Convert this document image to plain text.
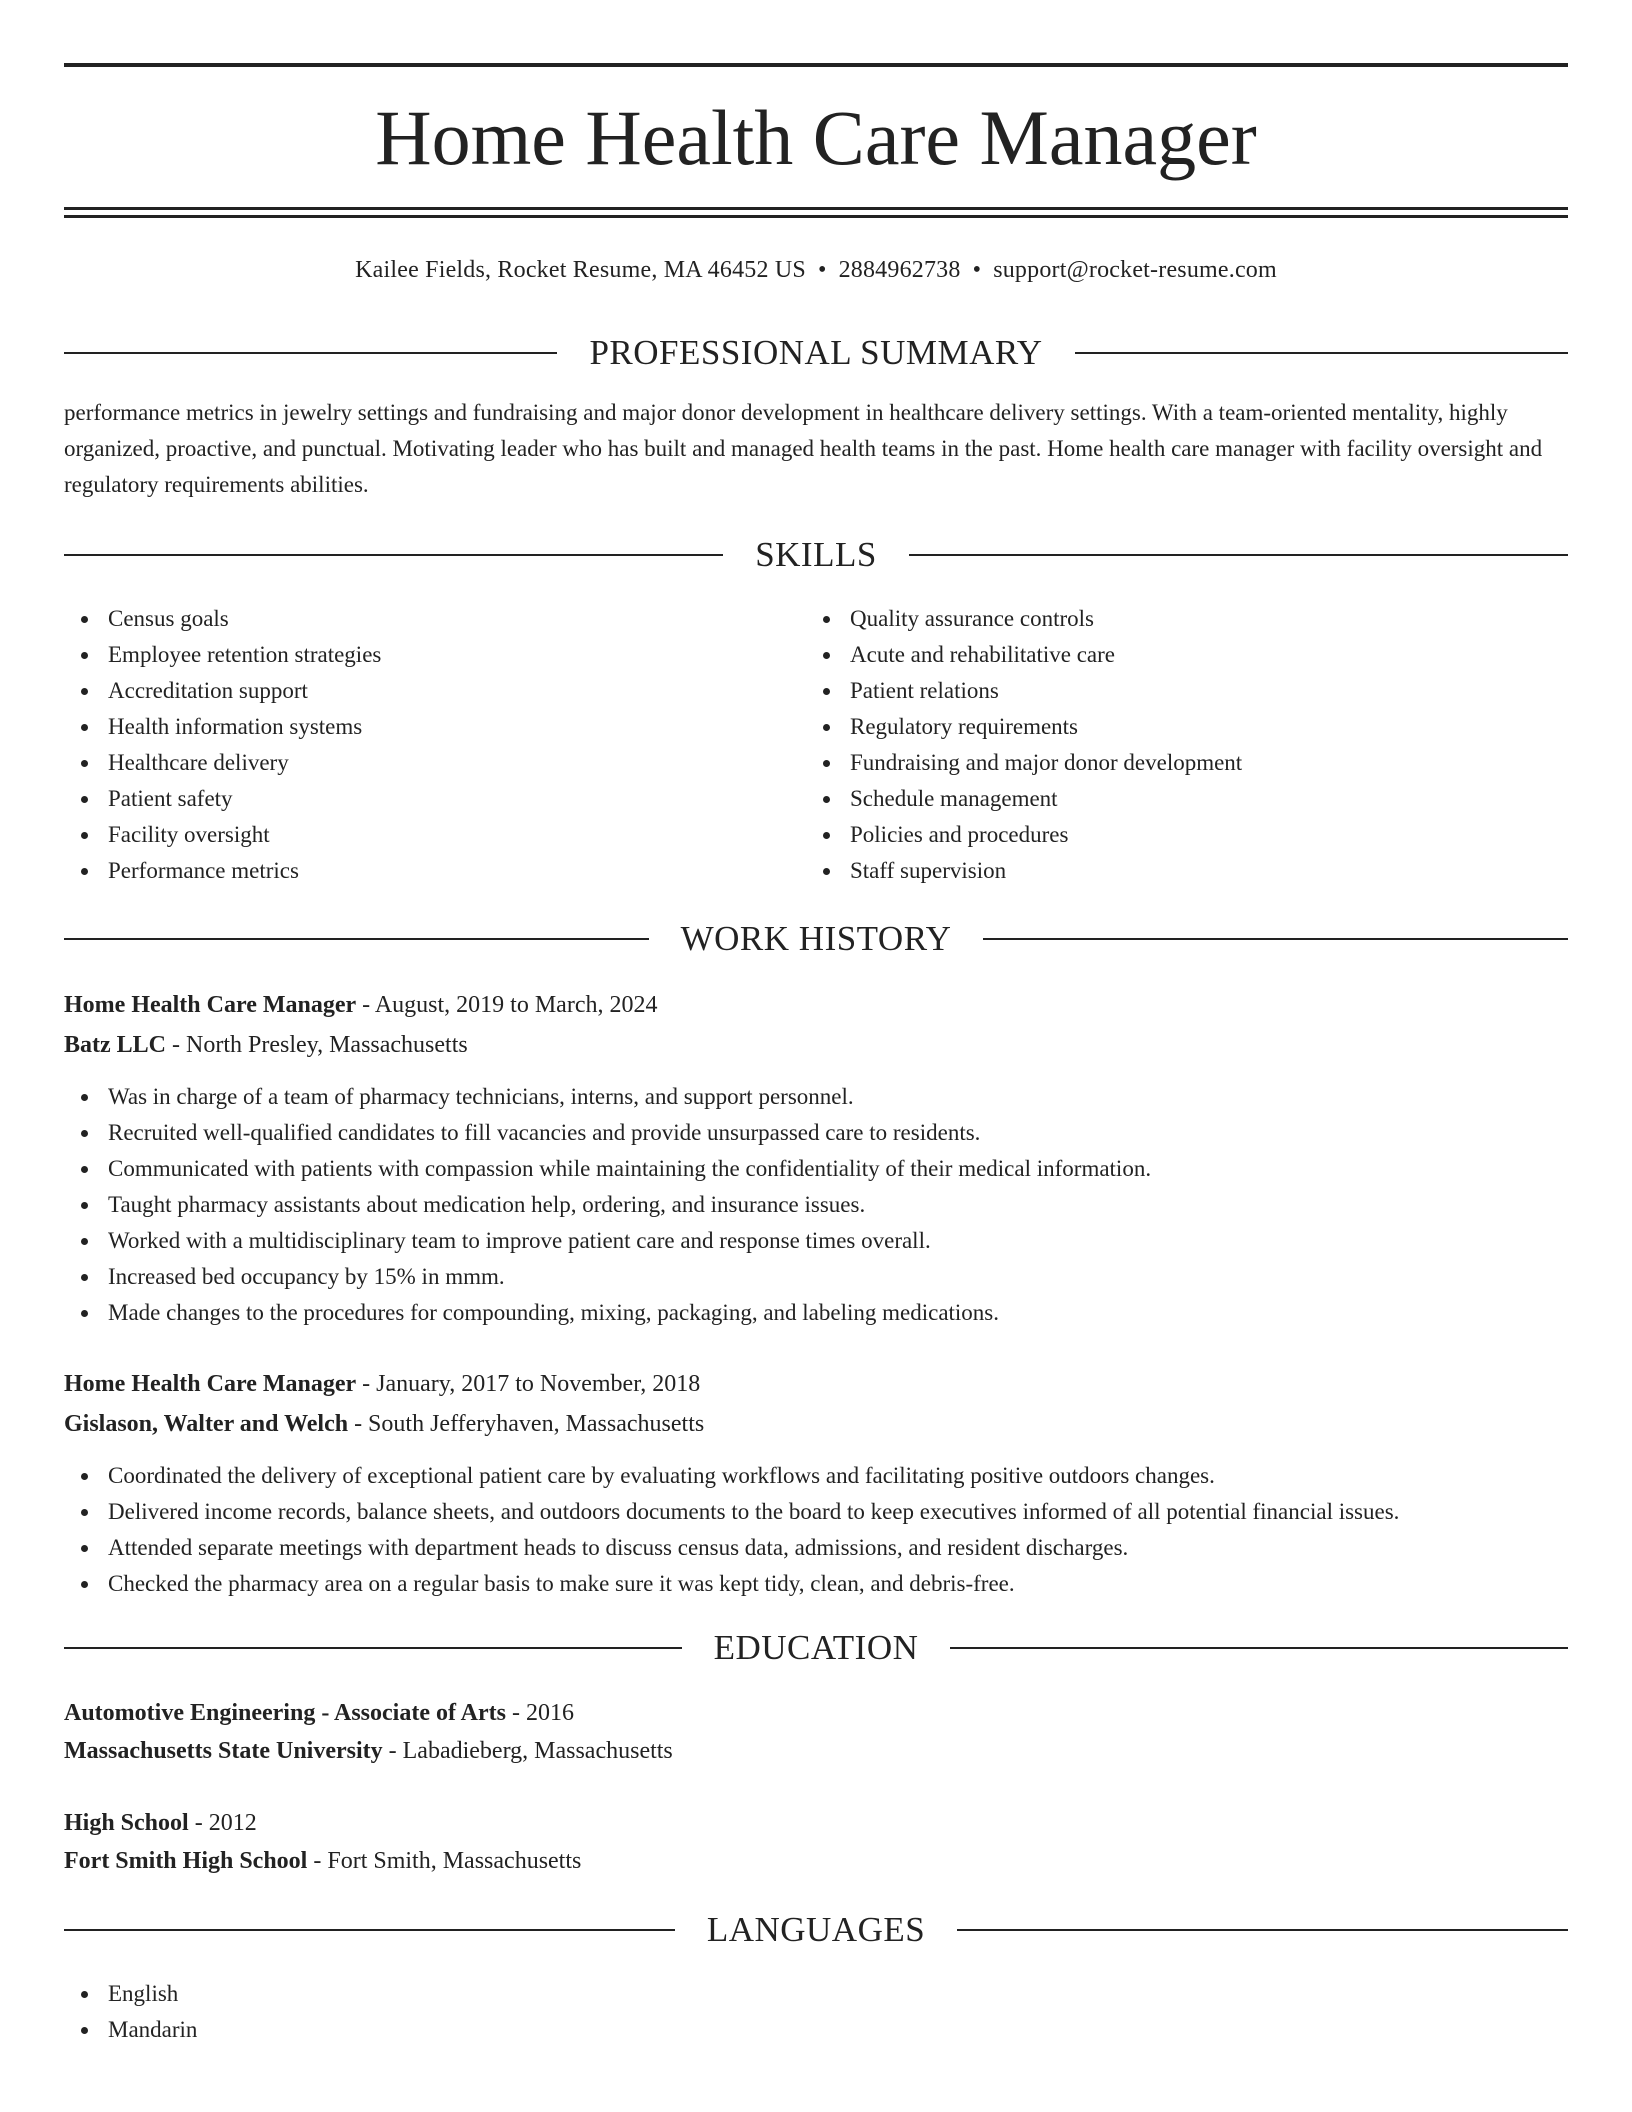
Home Health Care Manager
Kailee Fields, Rocket Resume, MA 46452 US • 2884962738 • support@rocket-resume.com
PROFESSIONAL SUMMARY

performance metrics in jewelry settings and fundraising and major donor development in healthcare delivery settings. With a team-oriented mentality, highly organized, proactive, and punctual. Motivating leader who has built and managed health teams in the past. Home health care manager with facility oversight and regulatory requirements abilities.

SKILLS
Census goals
Employee retention strategies
Accreditation support
Health information systems
Healthcare delivery
Patient safety
Facility oversight
Performance metrics
Quality assurance controls
Acute and rehabilitative care
Patient relations
Regulatory requirements
Fundraising and major donor development
Schedule management
Policies and procedures
Staff supervision
WORK HISTORY
Home Health Care Manager - August, 2019 to March, 2024
Batz LLC - North Presley, Massachusetts
Was in charge of a team of pharmacy technicians, interns, and support personnel.
Recruited well-qualified candidates to fill vacancies and provide unsurpassed care to residents.
Communicated with patients with compassion while maintaining the confidentiality of their medical information.
Taught pharmacy assistants about medication help, ordering, and insurance issues.
Worked with a multidisciplinary team to improve patient care and response times overall.
Increased bed occupancy by 15% in mmm.
Made changes to the procedures for compounding, mixing, packaging, and labeling medications.
Home Health Care Manager - January, 2017 to November, 2018
Gislason, Walter and Welch - South Jefferyhaven, Massachusetts
Coordinated the delivery of exceptional patient care by evaluating workflows and facilitating positive outdoors changes.
Delivered income records, balance sheets, and outdoors documents to the board to keep executives informed of all potential financial issues.
Attended separate meetings with department heads to discuss census data, admissions, and resident discharges.
Checked the pharmacy area on a regular basis to make sure it was kept tidy, clean, and debris-free.
EDUCATION
Automotive Engineering - Associate of Arts - 2016
Massachusetts State University - Labadieberg, Massachusetts
High School - 2012
Fort Smith High School - Fort Smith, Massachusetts
LANGUAGES
English
Mandarin
